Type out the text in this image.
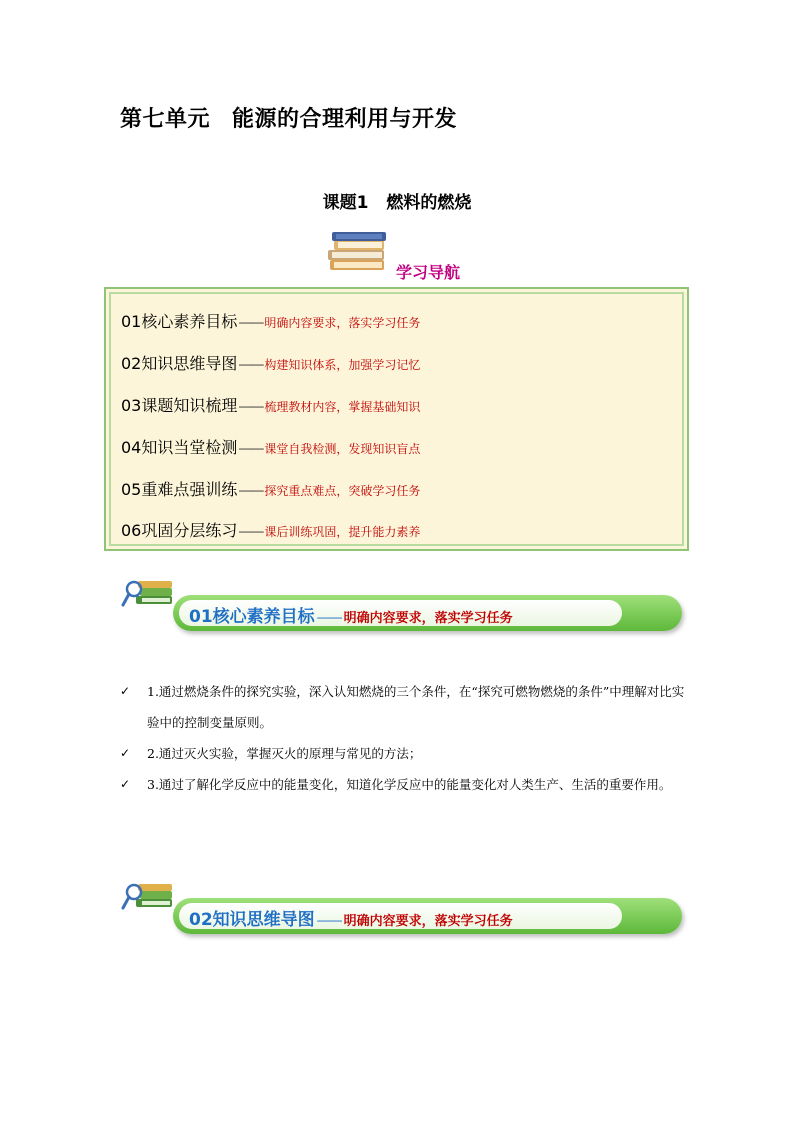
第七单元 能源的合理利用与开发
课题1 燃料的燃烧
学习导航
01核心素养目标 —— 明确内容要求，落实学习任务
02知识思维导图 —— 构建知识体系，加强学习记忆
03课题知识梳理 —— 梳理教材内容，掌握基础知识
04知识当堂检测 —— 课堂自我检测，发现知识盲点
05重难点强训练 —— 探究重点难点，突破学习任务
06巩固分层练习 —— 课后训练巩固，提升能力素养
01核心素养目标 —— 明确内容要求，落实学习任务
✓ 1.通过燃烧条件的探究实验，深入认知燃烧的三个条件，在“探究可燃物燃烧的条件”中理解对比实验中的控制变量原则。
✓ 2.通过灭火实验，掌握灭火的原理与常见的方法；
✓ 3.通过了解化学反应中的能量变化，知道化学反应中的能量变化对人类生产、生活的重要作用。
02知识思维导图 —— 明确内容要求，落实学习任务
